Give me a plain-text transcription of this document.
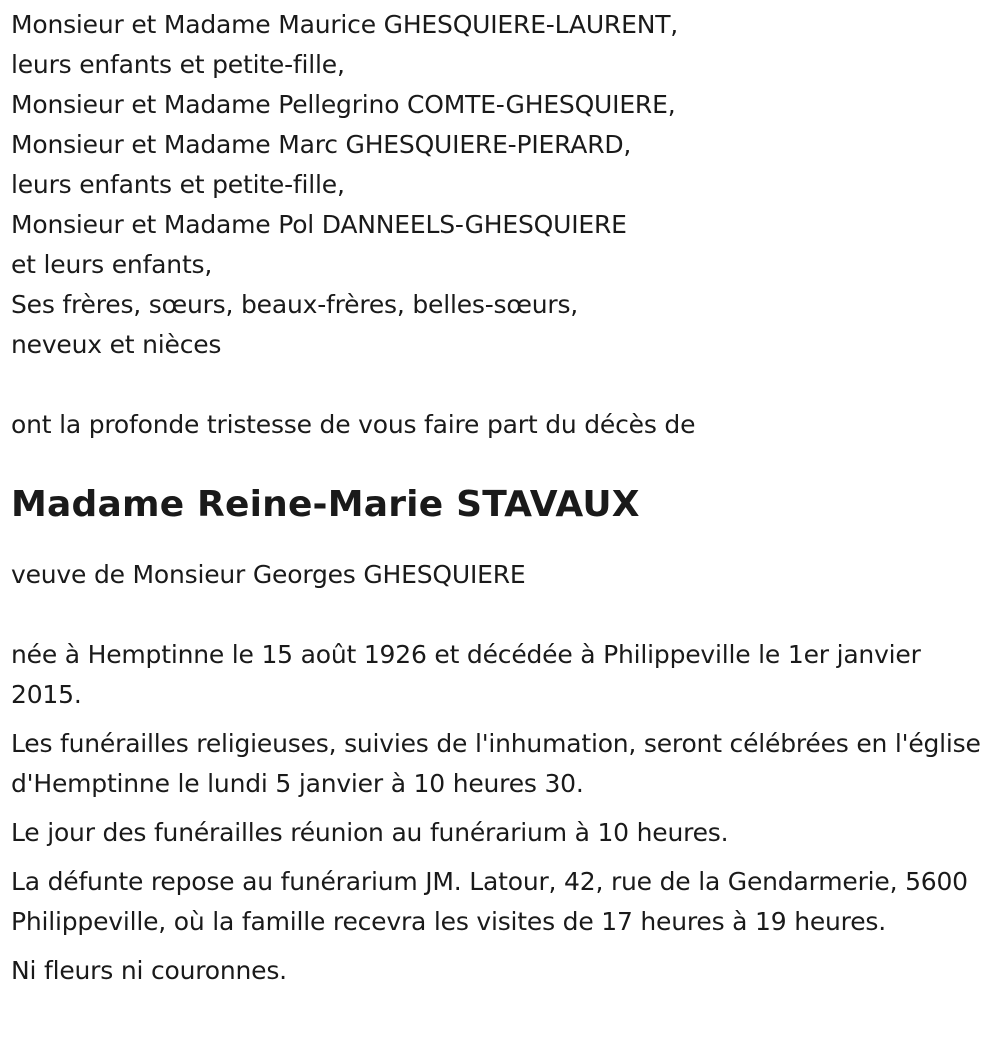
Monsieur et Madame Maurice GHESQUIERE-LAURENT,
leurs enfants et petite-fille,
Monsieur et Madame Pellegrino COMTE-GHESQUIERE,
Monsieur et Madame Marc GHESQUIERE-PIERARD,
leurs enfants et petite-fille,
Monsieur et Madame Pol DANNEELS-GHESQUIERE
et leurs enfants,
Ses frères, sœurs, beaux-frères, belles-sœurs,
neveux et nièces
ont la profonde tristesse de vous faire part du décès de
Madame Reine-Marie STAVAUX
veuve de Monsieur Georges GHESQUIERE

née à Hemptinne le 15 août 1926 et décédée à Philippeville le 1er janvier 2015.

Les funérailles religieuses, suivies de l'inhumation, seront célébrées en l'église d'Hemptinne le lundi 5 janvier à 10 heures 30.

Le jour des funérailles réunion au funérarium à 10 heures.

La défunte repose au funérarium JM. Latour, 42, rue de la Gendarmerie, 5600 Philippeville, où la famille recevra les visites de 17 heures à 19 heures.

Ni fleurs ni couronnes.
